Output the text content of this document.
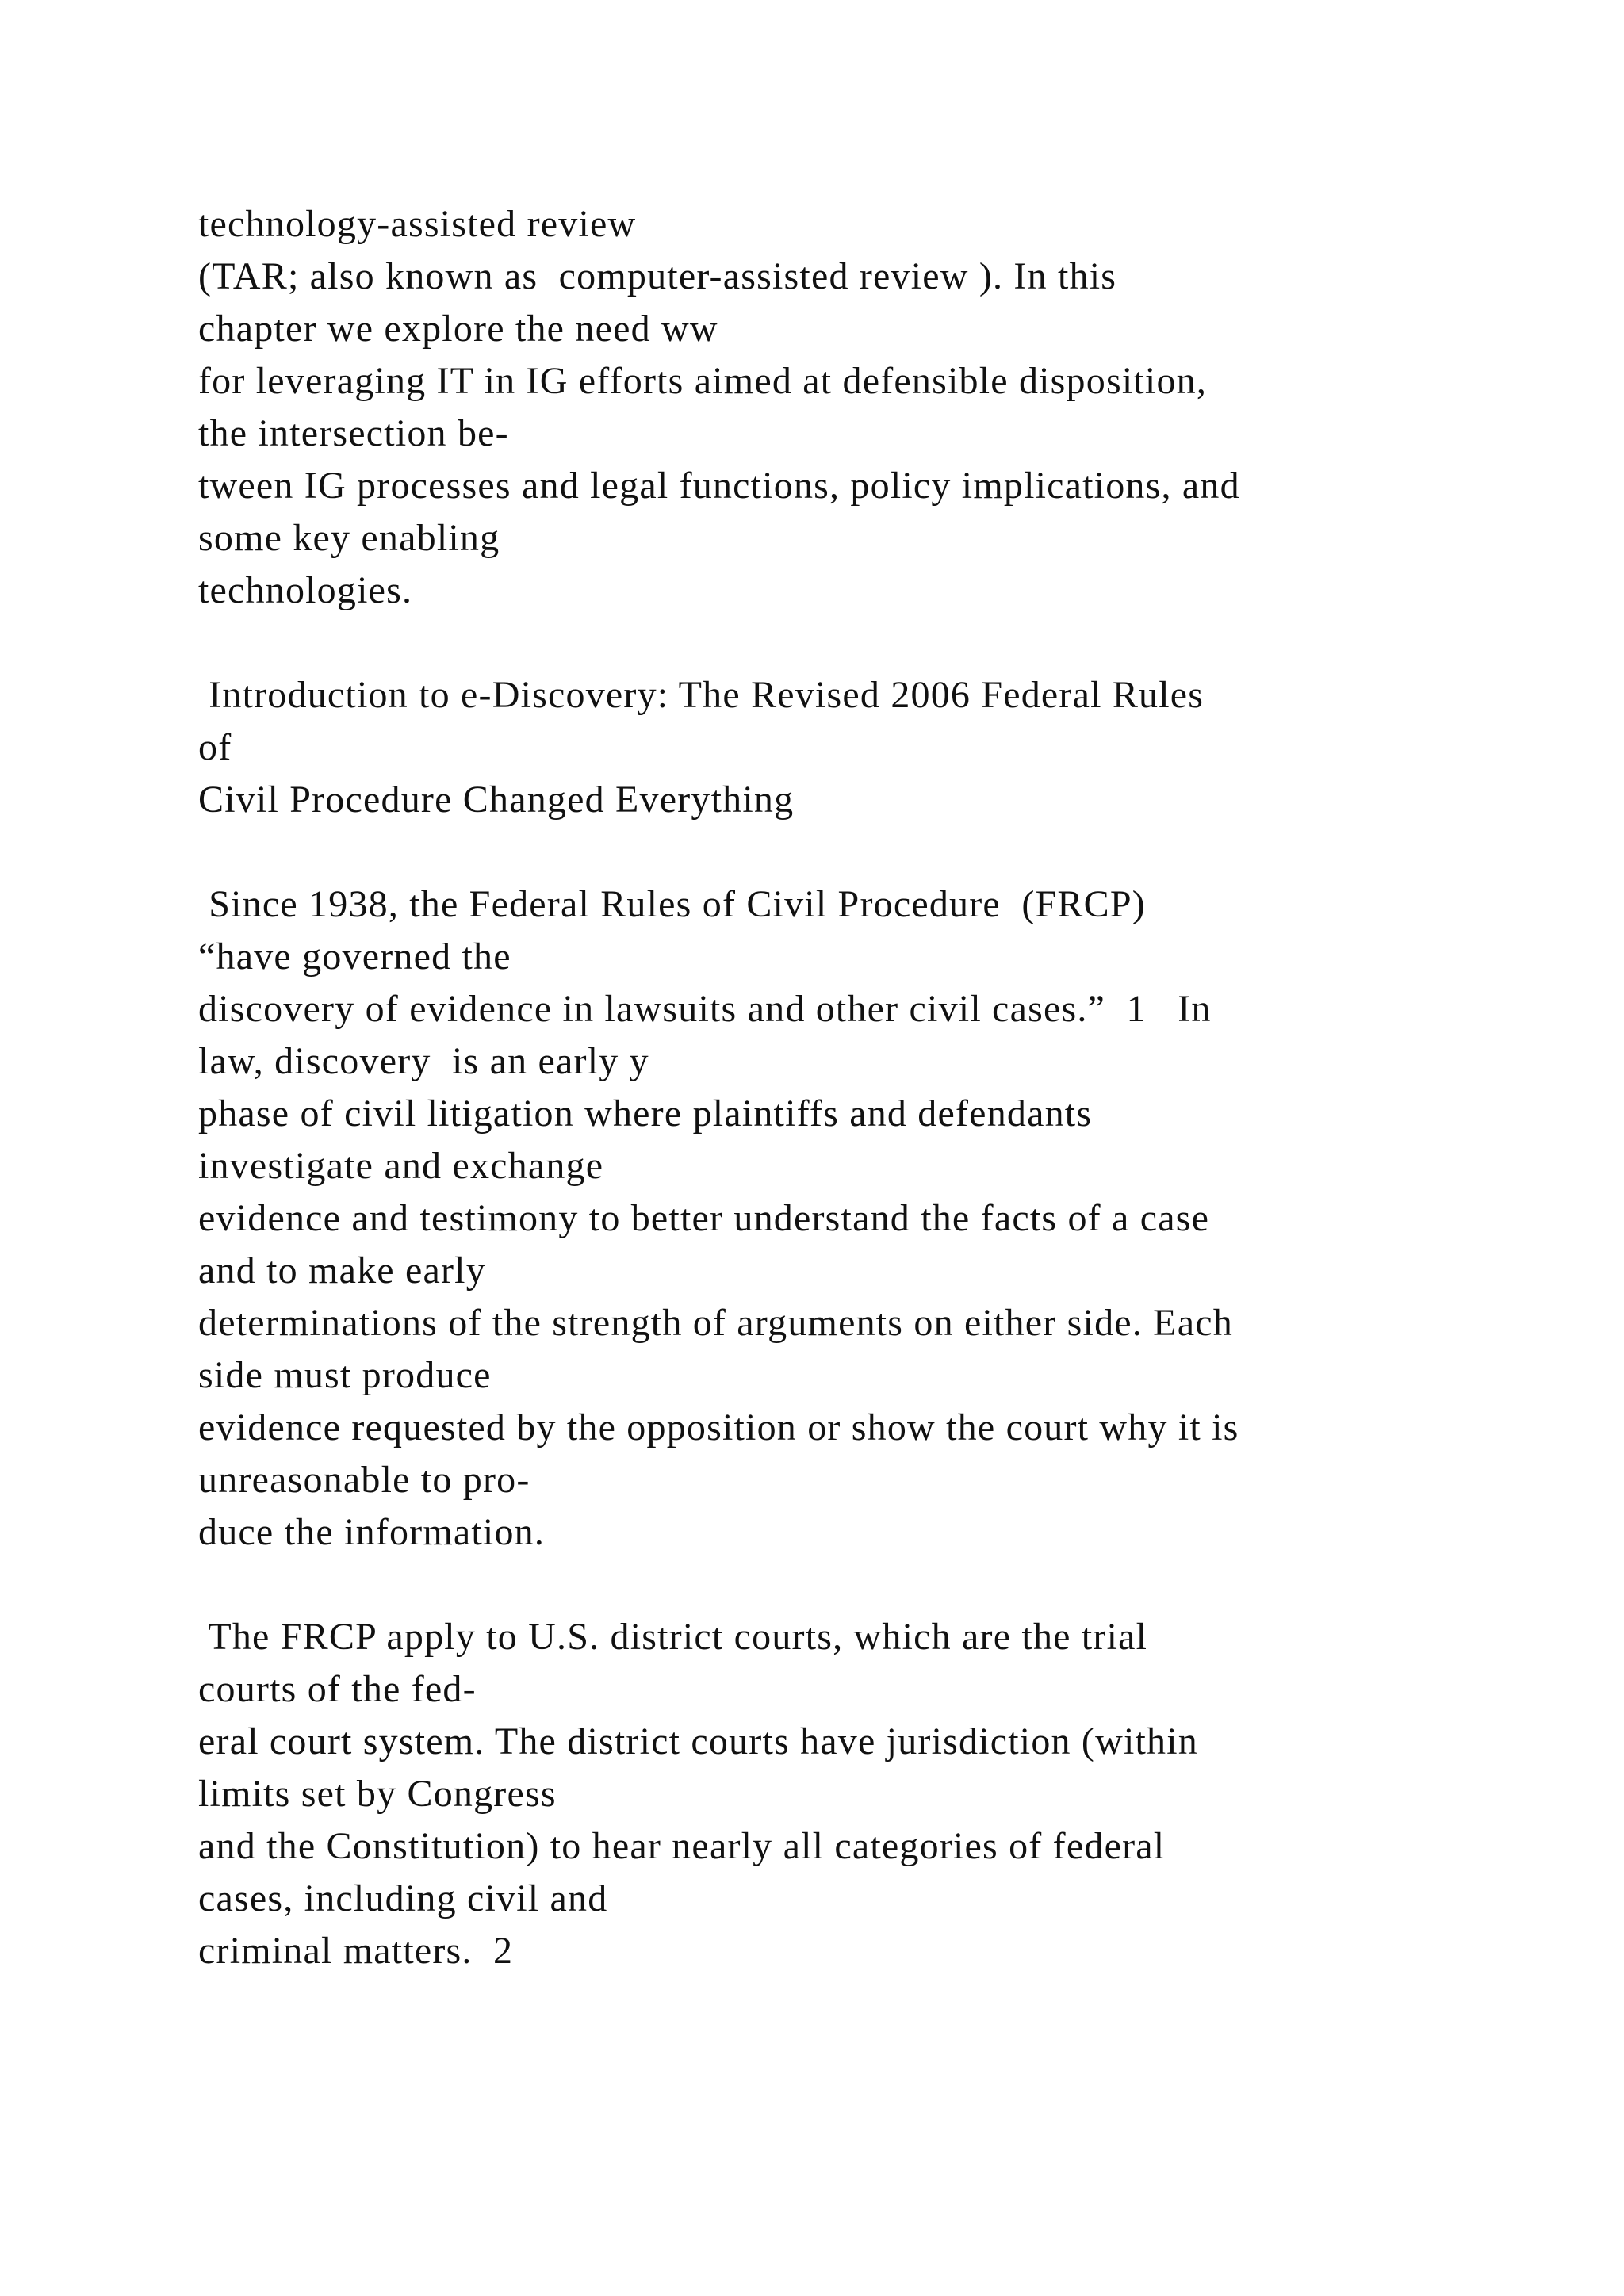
technology-assisted review
(TAR; also known as  computer-assisted review ). In this
chapter we explore the need ww
for leveraging IT in IG efforts aimed at defensible disposition,
the intersection be-
tween IG processes and legal functions, policy implications, and
some key enabling
technologies.
Introduction to e-Discovery: The Revised 2006 Federal Rules
of
Civil Procedure Changed Everything
Since 1938, the Federal Rules of Civil Procedure  (FRCP)
“have governed the
discovery of evidence in lawsuits and other civil cases.”  1   In
law, discovery  is an early y
phase of civil litigation where plaintiffs and defendants
investigate and exchange
evidence and testimony to better understand the facts of a case
and to make early
determinations of the strength of arguments on either side. Each
side must produce
evidence requested by the opposition or show the court why it is
unreasonable to pro-
duce the information.
The FRCP apply to U.S. district courts, which are the trial
courts of the fed-
eral court system. The district courts have jurisdiction (within
limits set by Congress
and the Constitution) to hear nearly all categories of federal
cases, including civil and
criminal matters.  2
